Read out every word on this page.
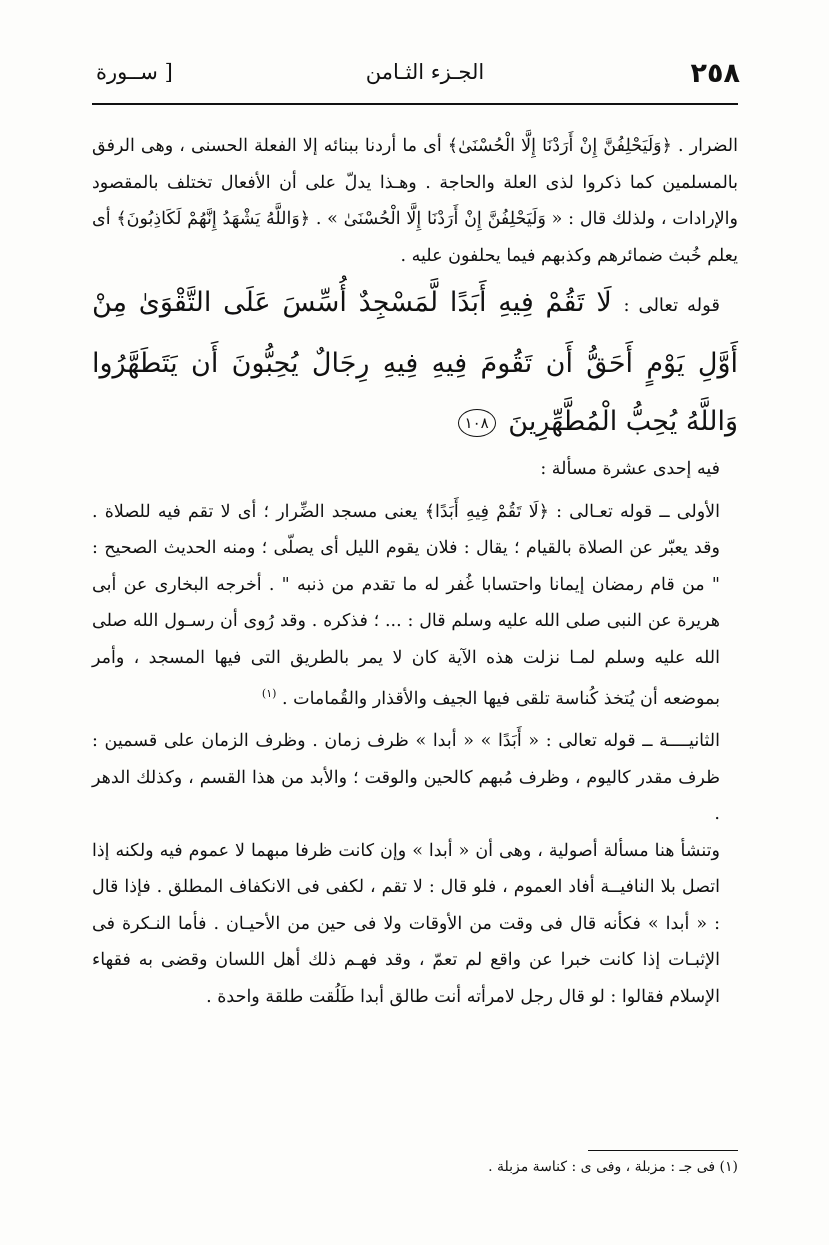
٢٥٨
الجـزء الثـامن
[ ســورة

الضرار . ﴿وَلَيَحْلِفُنَّ إِنْ أَرَدْنَا إِلَّا الْحُسْنَىٰ﴾ أى ما أردنا ببنائه إلا الفعلة الحسنى ، وهى الرفق بالمسلمين كما ذكروا لذى العلة والحاجة . وهـذا يدلّ على أن الأفعال تختلف بالمقصود والإرادات ، ولذلك قال : « وَلَيَحْلِفُنَّ إِنْ أَرَدْنَا إِلَّا الْحُسْنَىٰ » . ﴿وَاللَّهُ يَشْهَدُ إِنَّهُمْ لَكَاذِبُونَ﴾ أى يعلم خُبث ضمائرهم وكذبهم فيما يحلفون عليه .

قوله تعالى : لَا تَقُمْ فِيهِ أَبَدًا لَّمَسْجِدٌ أُسِّسَ عَلَى التَّقْوَىٰ مِنْ أَوَّلِ يَوْمٍ أَحَقُّ أَن تَقُومَ فِيهِ فِيهِ رِجَالٌ يُحِبُّونَ أَن يَتَطَهَّرُوا وَاللَّهُ يُحِبُّ الْمُطَّهِّرِينَ ١٠٨

فيه إحدى عشرة مسألة :

الأولى ــ قوله تعـالى : ﴿لَا تَقُمْ فِيهِ أَبَدًا﴾ يعنى مسجد الضِّرار ؛ أى لا تقم فيه للصلاة . وقد يعبّر عن الصلاة بالقيام ؛ يقال : فلان يقوم الليل أى يصلّى ؛ ومنه الحديث الصحيح : " من قام رمضان إيمانا واحتسابا غُفر له ما تقدم من ذنبه " . أخرجه البخارى عن أبى هريرة عن النبى صلى الله عليه وسلم قال : ... ؛ فذكره . وقد رُوى أن رسـول الله صلى الله عليه وسلم لمـا نزلت هذه الآية كان لا يمر بالطريق التى فيها المسجد ، وأمر بموضعه أن يُتخذ كُناسة تلقى فيها الجيف والأقذار والقُمامات . $^{(١)}$

الثانيــــة ــ قوله تعالى : « أَبَدًا » « أبدا » ظرف زمان . وظرف الزمان على قسمين : ظرف مقدر كاليوم ، وظرف مُبهم كالحين والوقت ؛ والأبد من هذا القسم ، وكذلك الدهر .

وتنشأ هنا مسألة أصولية ، وهى أن « أبدا » وإن كانت ظرفا مبهما لا عموم فيه ولكنه إذا اتصل بلا النافيــة أفاد العموم ، فلو قال : لا تقم ، لكفى فى الانكفاف المطلق . فإذا قال : « أبدا » فكأنه قال فى وقت من الأوقات ولا فى حين من الأحيـان . فأما النـكرة فى الإثبـات إذا كانت خبرا عن واقع لم تعمّ ، وقد فهـم ذلك أهل اللسان وقضى به فقهاء الإسلام فقالوا : لو قال رجل لامرأته أنت طالق أبدا طَلُقت طلقة واحدة .

(١) فى جـ : مزبلة ، وفى ى : كناسة مزبلة .
